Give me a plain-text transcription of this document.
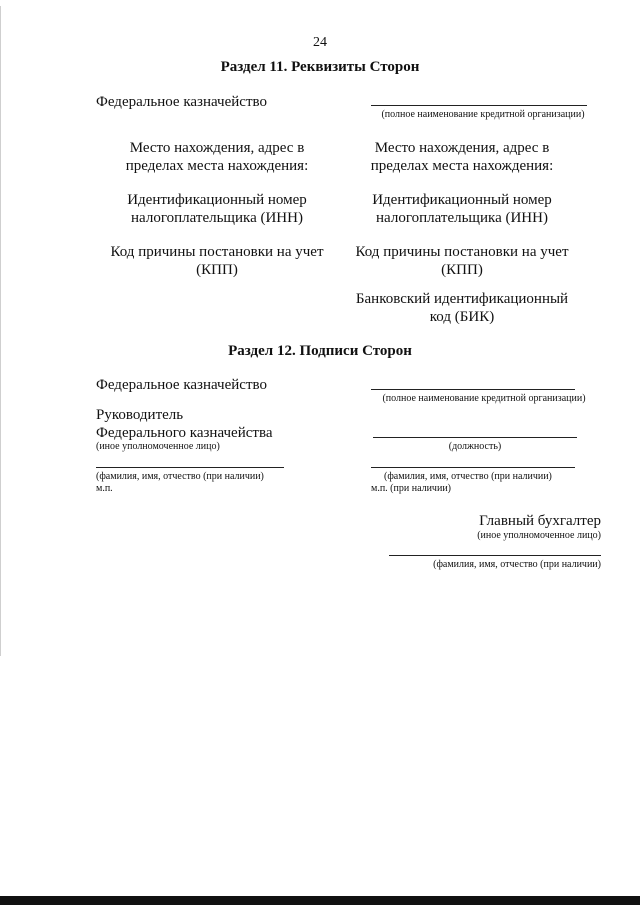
24
Раздел 11. Реквизиты Сторон
Федеральное казначейство
(полное наименование кредитной организации)
Место нахождения, адрес в
пределах места нахождения:
Место нахождения, адрес в
пределах места нахождения:
Идентификационный номер
налогоплательщика (ИНН)
Идентификационный номер
налогоплательщика (ИНН)
Код причины постановки на учет
(КПП)
Код причины постановки на учет
(КПП)
Банковский идентификационный
код (БИК)
Раздел 12. Подписи Сторон
Федеральное казначейство
(полное наименование кредитной организации)
Руководитель
Федерального казначейства
(иное уполномоченное лицо)	(должность)
(фамилия, имя, отчество (при наличии)
м.п.
(фамилия, имя, отчество (при наличии)
м.п. (при наличии)
Главный бухгалтер
(иное уполномоченное лицо)
(фамилия, имя, отчество (при наличии)
